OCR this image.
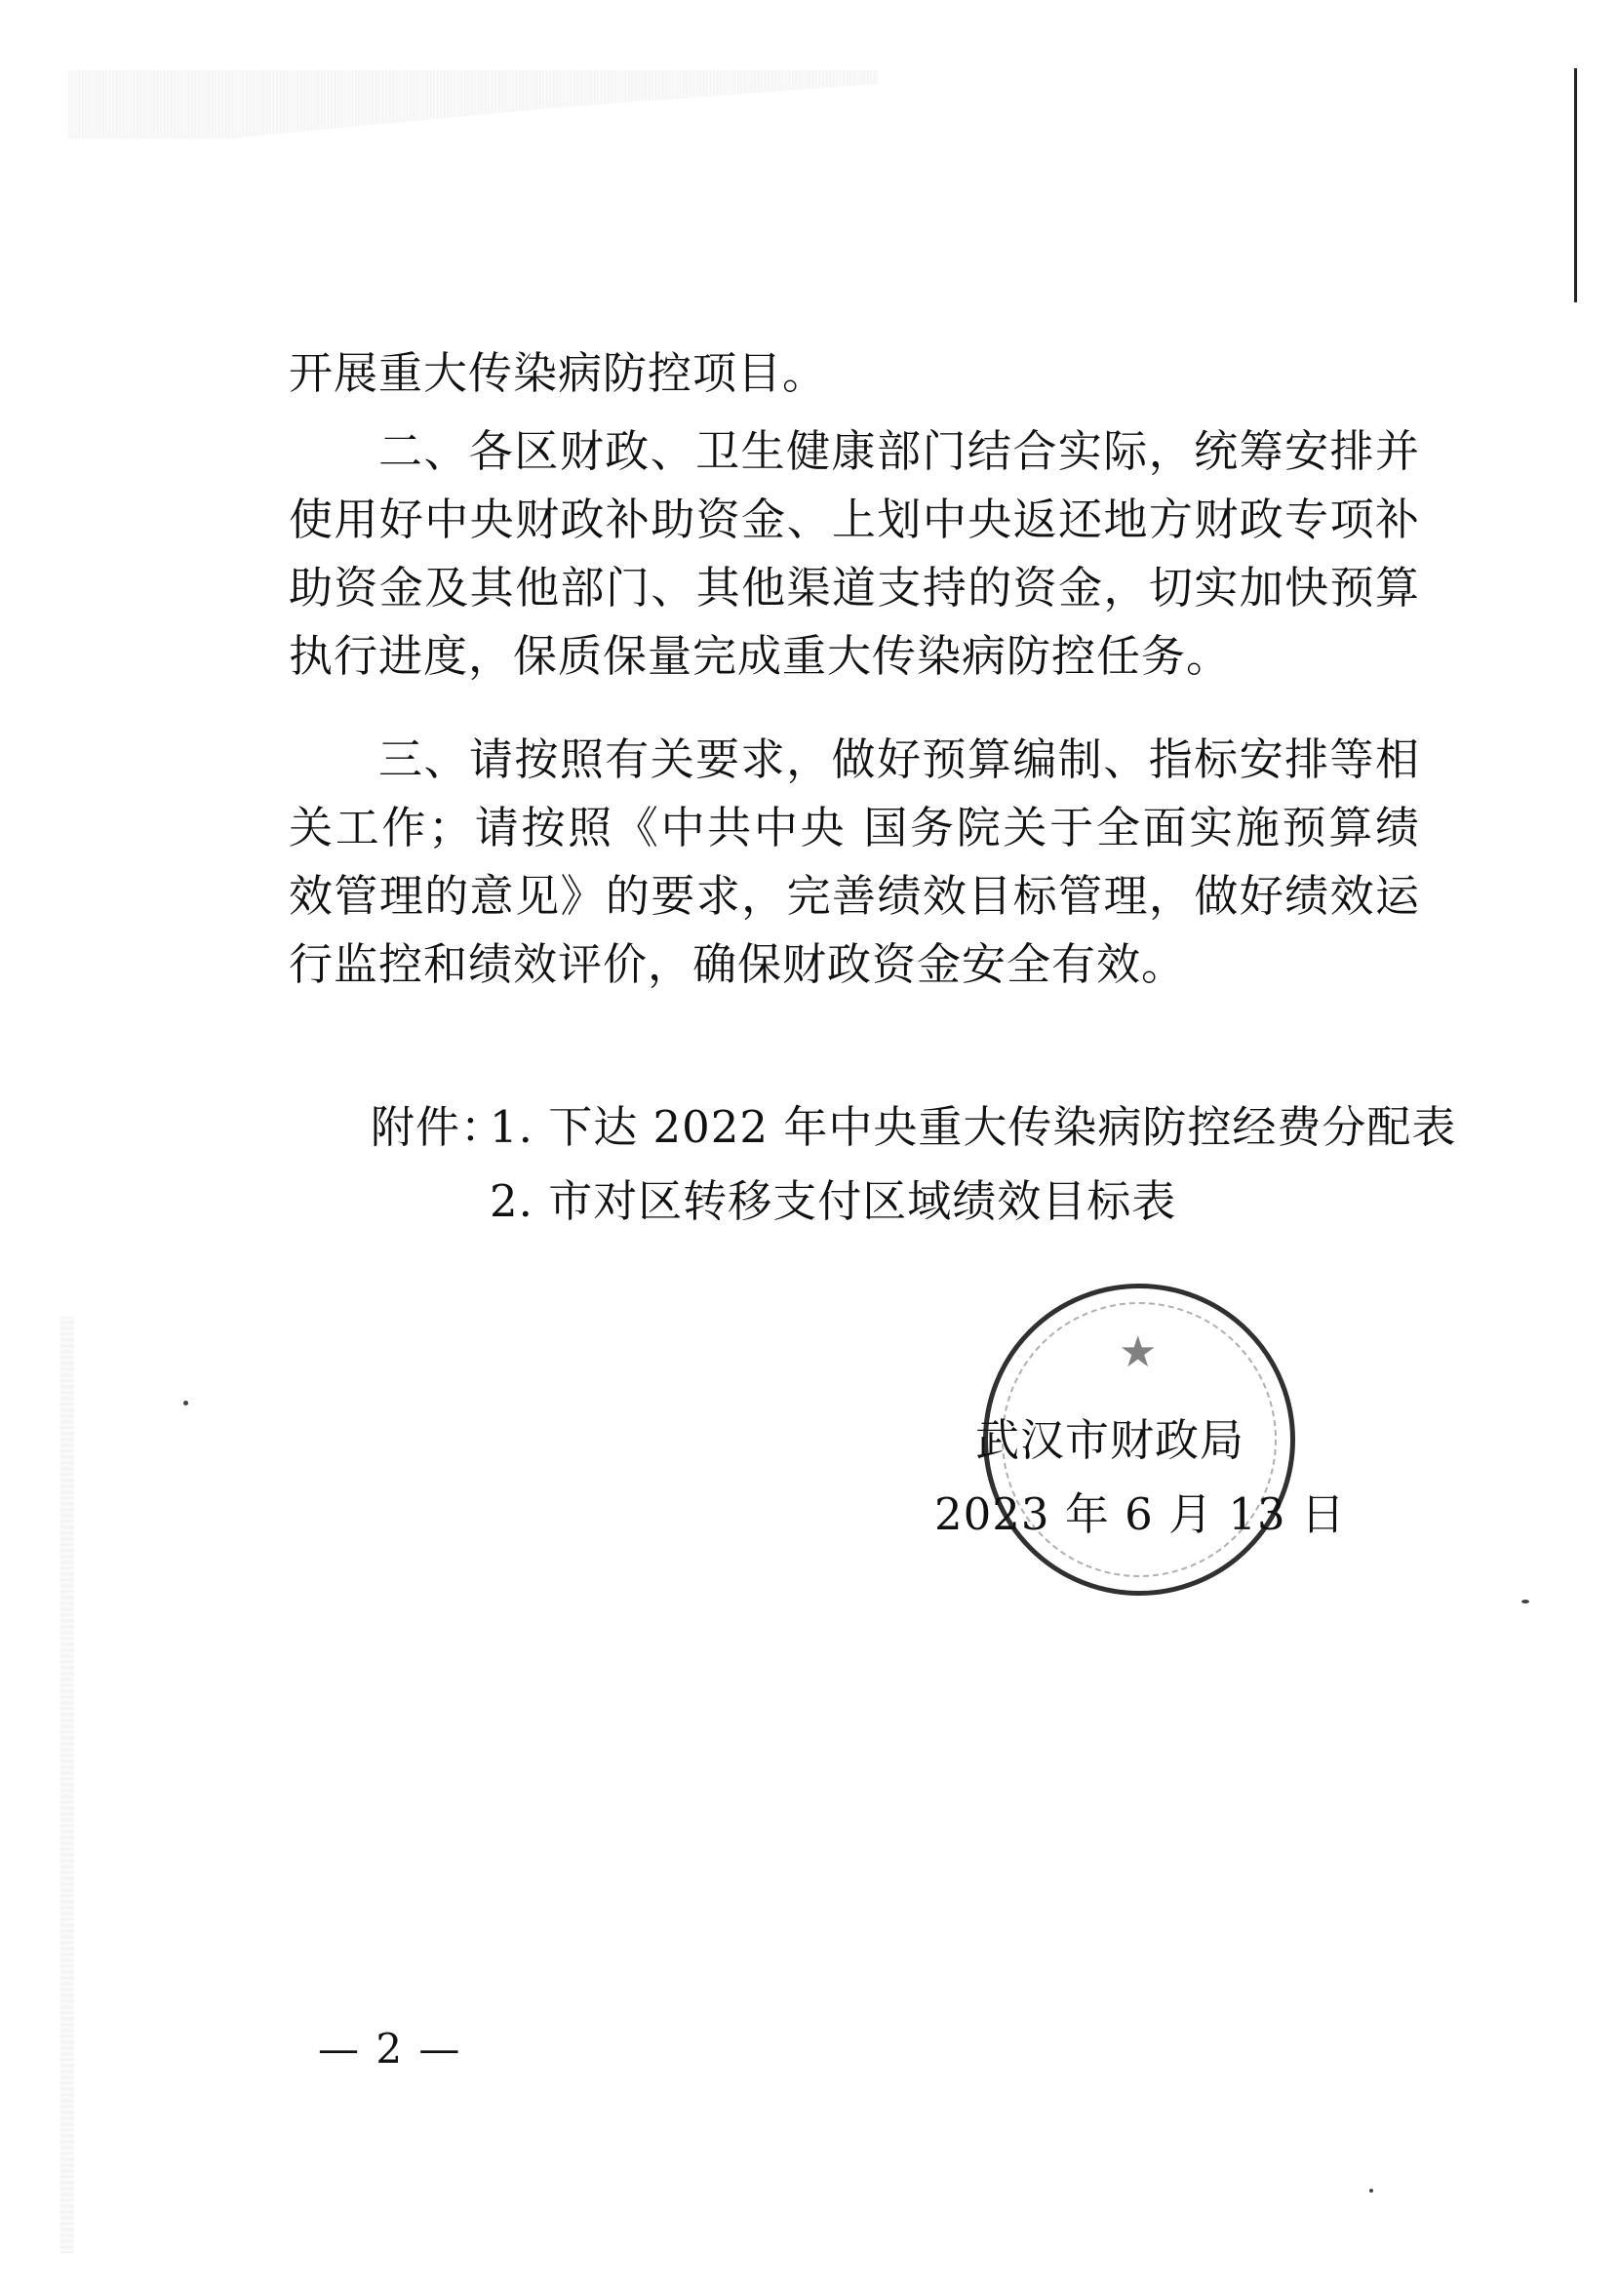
开展重大传染病防控项目。

二、各区财政、卫生健康部门结合实际，统筹安排并使用好中央财政补助资金、上划中央返还地方财政专项补助资金及其他部门、其他渠道支持的资金，切实加快预算执行进度，保质保量完成重大传染病防控任务。

三、请按照有关要求，做好预算编制、指标安排等相关工作；请按照《中共中央 国务院关于全面实施预算绩效管理的意见》的要求，完善绩效目标管理，做好绩效运行监控和绩效评价，确保财政资金安全有效。

附件：
1. 下达 2022 年中央重大传染病防控经费分配表
2. 市对区转移支付区域绩效目标表
★
武汉市财政局
2023 年 6 月 13 日
— 2 —
